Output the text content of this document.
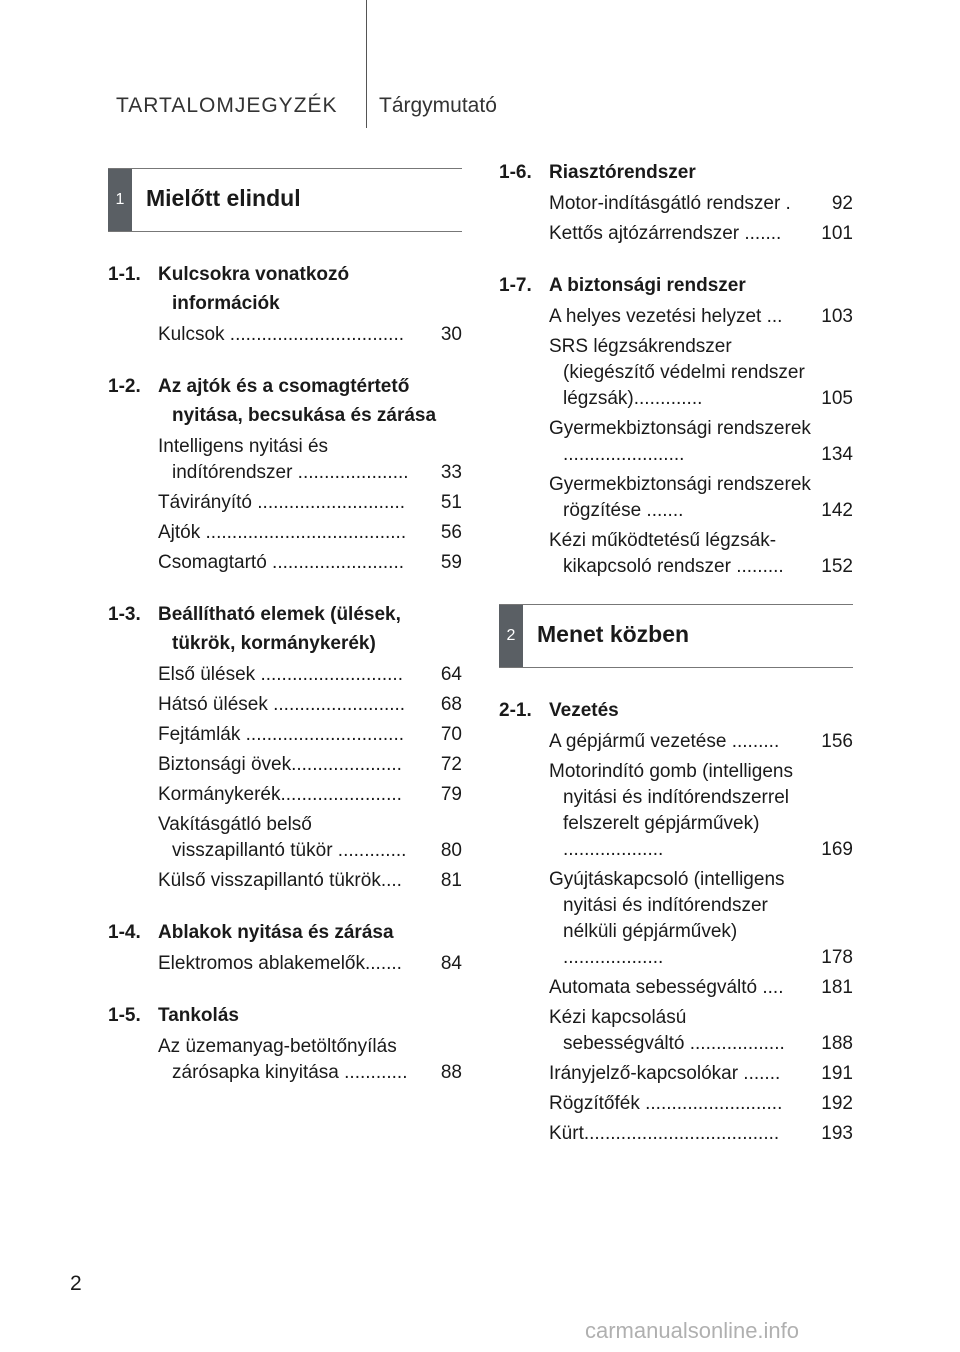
TARTALOMJEGYZÉK Tárgymutató
1 Mielőtt elindul
1-1. Kulcsokra vonatkozó információk
Kulcsok .................................	30
1-2. Az ajtók és a csomagtértető nyitása, becsukása és zárása
Intelligens nyitási és indítórendszer .....................	33
Távirányító ............................	51
Ajtók ......................................	56
Csomagtartó .........................	59
1-3. Beállítható elemek (ülések, tükrök, kormánykerék)
Első ülések ...........................	64
Hátsó ülések .........................	68
Fejtámlák ..............................	70
Biztonsági övek.....................	72
Kormánykerék.......................	79
Vakításgátló belső visszapillantó tükör .............	80
Külső visszapillantó tükrök....	81
1-4. Ablakok nyitása és zárása
Elektromos ablakemelők.......	84
1-5. Tankolás
Az üzemanyag-betöltőnyílás zárósapka kinyitása ............	88
1-6. Riasztórendszer
Motor-indításgátló rendszer .	92
Kettős ajtózárrendszer .......	101
1-7. A biztonsági rendszer
A helyes vezetési helyzet ...	103
SRS légzsákrendszer (kiegészítő védelmi rendszer légzsák).............	105
Gyermekbiztonsági rendszerek .......................	134
Gyermekbiztonsági rendszerek rögzítése .......	142
Kézi működtetésű légzsák-kikapcsoló rendszer .........	152
2 Menet közben
2-1. Vezetés
A gépjármű vezetése .........	156
Motorindító gomb (intelligens nyitási és indítórendszerrel felszerelt gépjárművek) ...................	169
Gyújtáskapcsoló (intelligens nyitási és indítórendszer nélküli gépjárművek) ...................	178
Automata sebességváltó ....	181
Kézi kapcsolású sebességváltó ..................	188
Irányjelző-kapcsolókar .......	191
Rögzítőfék ..........................	192
Kürt.....................................	193
2
carmanualsonline.info
